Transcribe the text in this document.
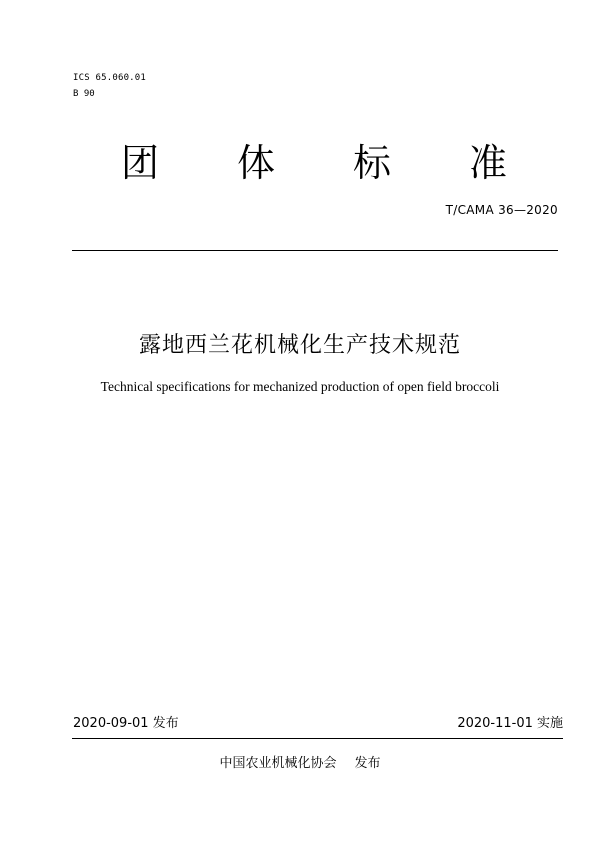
ICS 65.060.01
B 90
团 体 标 准
T/CAMA 36—2020
露地西兰花机械化生产技术规范
Technical specifications for mechanized production of open field broccoli
2020-09-01 发布	2020-11-01 实施
中国农业机械化协会 发布
